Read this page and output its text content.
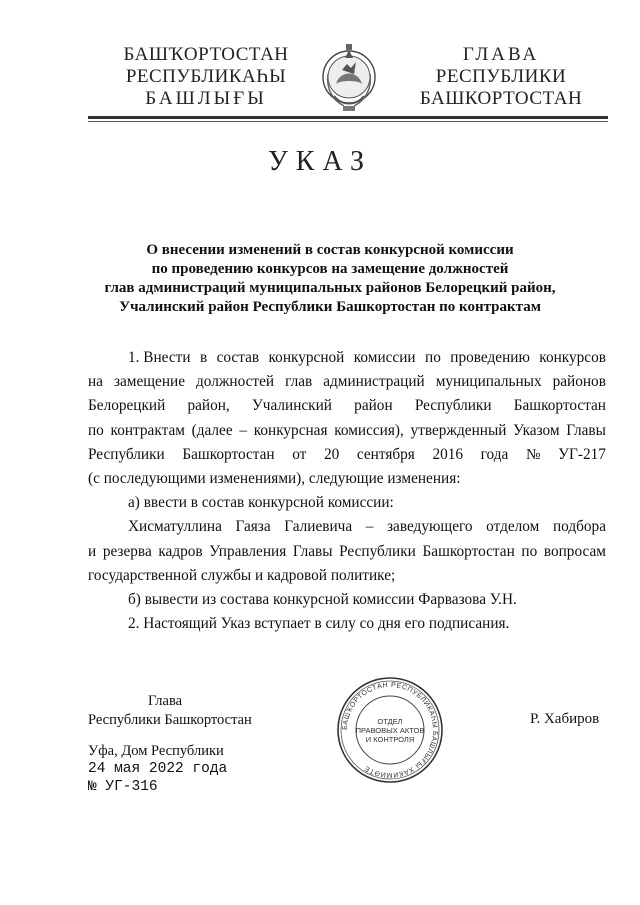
БАШҠОРТОСТАН
РЕСПУБЛИКАҺЫ
БАШЛЫҒЫ
ГЛАВА
РЕСПУБЛИКИ
БАШКОРТОСТАН
УКАЗ
О внесении изменений в состав конкурсной комиссии
по проведению конкурсов на замещение должностей
глав администраций муниципальных районов Белорецкий район,
Учалинский район Республики Башкортостан по контрактам
1. Внести в состав конкурсной комиссии по проведению конкурсов
на замещение должностей глав администраций муниципальных районов
Белорецкий район, Учалинский район Республики Башкортостан
по контрактам (далее – конкурсная комиссия), утвержденный Указом Главы
Республики Башкортостан от 20 сентября 2016 года № УГ-217
(с последующими изменениями), следующие изменения:
а) ввести в состав конкурсной комиссии:
Хисматуллина Гаяза Галиевича – заведующего отделом подбора
и резерва кадров Управления Главы Республики Башкортостан по вопросам
государственной службы и кадровой политике;
б) вывести из состава конкурсной комиссии Фарвазова У.Н.
2. Настоящий Указ вступает в силу со дня его подписания.
Глава
Республики Башкортостан	БАШҠОРТОСТАН РЕСПУБЛИКАҺЫ БАШЛЫҒЫ ХАКИМИӘТЕ
ОТДЕЛ
ПРАВОВЫХ АКТОВ
И КОНТРОЛЯ
Р. Хабиров
Уфа, Дом Республики
24 мая 2022 года
№ УГ-316
